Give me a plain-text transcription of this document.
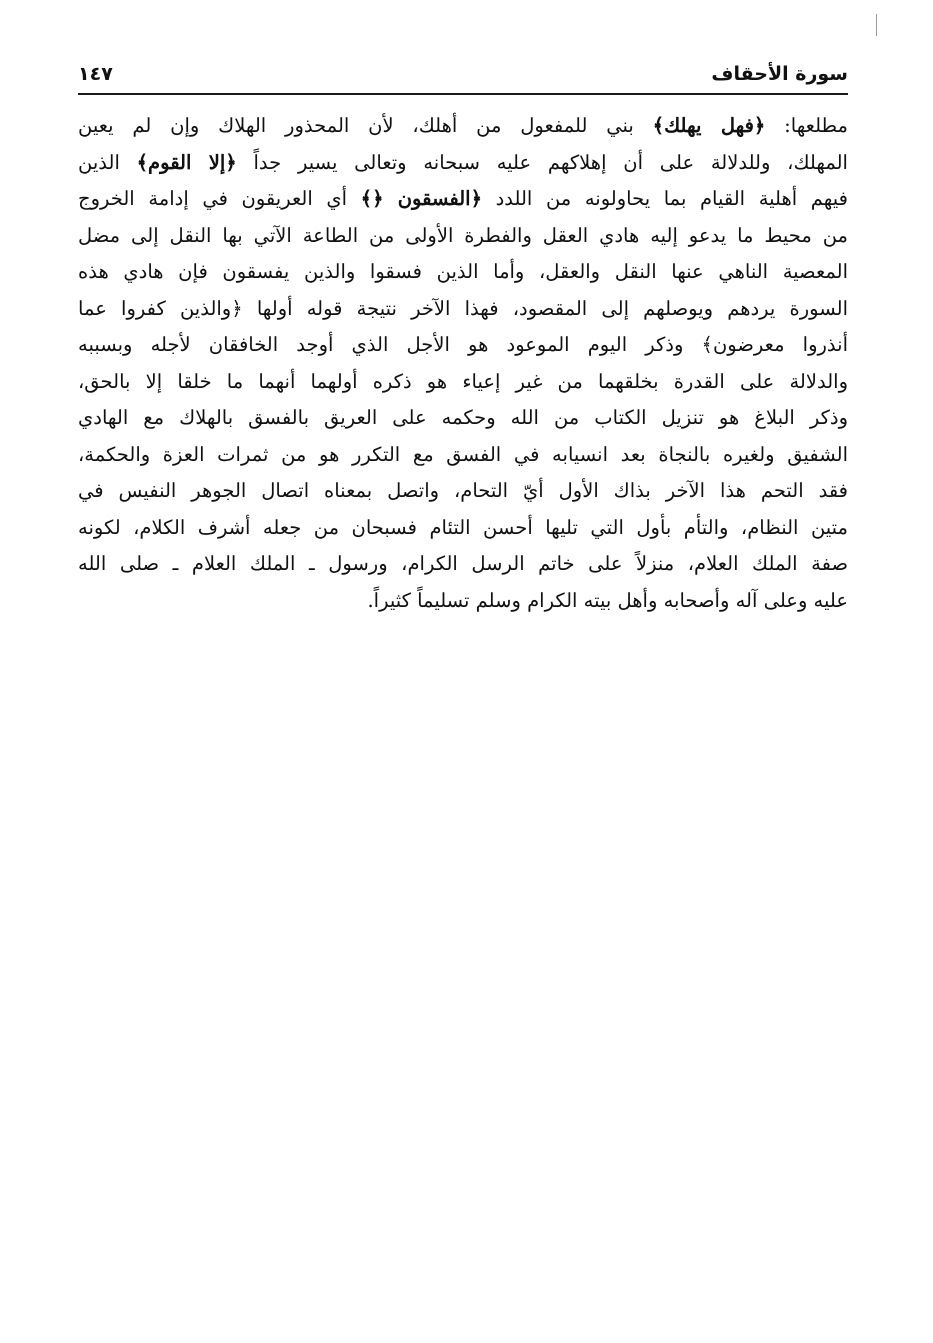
سورة الأحقاف
١٤٧
مطلعها: ﴿فهل يهلك﴾ بني للمفعول من أهلك، لأن المحذور الهلاك وإن لم يعين
المهلك، وللدلالة على أن إهلاكهم عليه سبحانه وتعالى يسير جداً ﴿إلا القوم﴾ الذين
فيهم أهلية القيام بما يحاولونه من اللدد ﴿الفسقون ﴿﴾ أي العريقون في إدامة الخروج
من محيط ما يدعو إليه هادي العقل والفطرة الأولى من الطاعة الآتي بها النقل إلى مضل
المعصية الناهي عنها النقل والعقل، وأما الذين فسقوا والذين يفسقون فإن هادي هذه
السورة يردهم ويوصلهم إلى المقصود، فهذا الآخر نتيجة قوله أولها ﴿والذين كفروا عما
أنذروا معرضون﴾ وذكر اليوم الموعود هو الأجل الذي أوجد الخافقان لأجله وبسببه
والدلالة على القدرة بخلقهما من غير إعياء هو ذكره أولهما أنهما ما خلقا إلا بالحق،
وذكر البلاغ هو تنزيل الكتاب من الله وحكمه على العريق بالفسق بالهلاك مع الهادي
الشفيق ولغيره بالنجاة بعد انسيابه في الفسق مع التكرر هو من ثمرات العزة والحكمة،
فقد التحم هذا الآخر بذاك الأول أيّ التحام، واتصل بمعناه اتصال الجوهر النفيس في
متين النظام، والتأم بأول التي تليها أحسن التئام فسبحان من جعله أشرف الكلام، لكونه
صفة الملك العلام، منزلاً على خاتم الرسل الكرام، ورسول ـ الملك العلام ـ صلى الله
عليه وعلى آله وأصحابه وأهل بيته الكرام وسلم تسليماً كثيراً.
